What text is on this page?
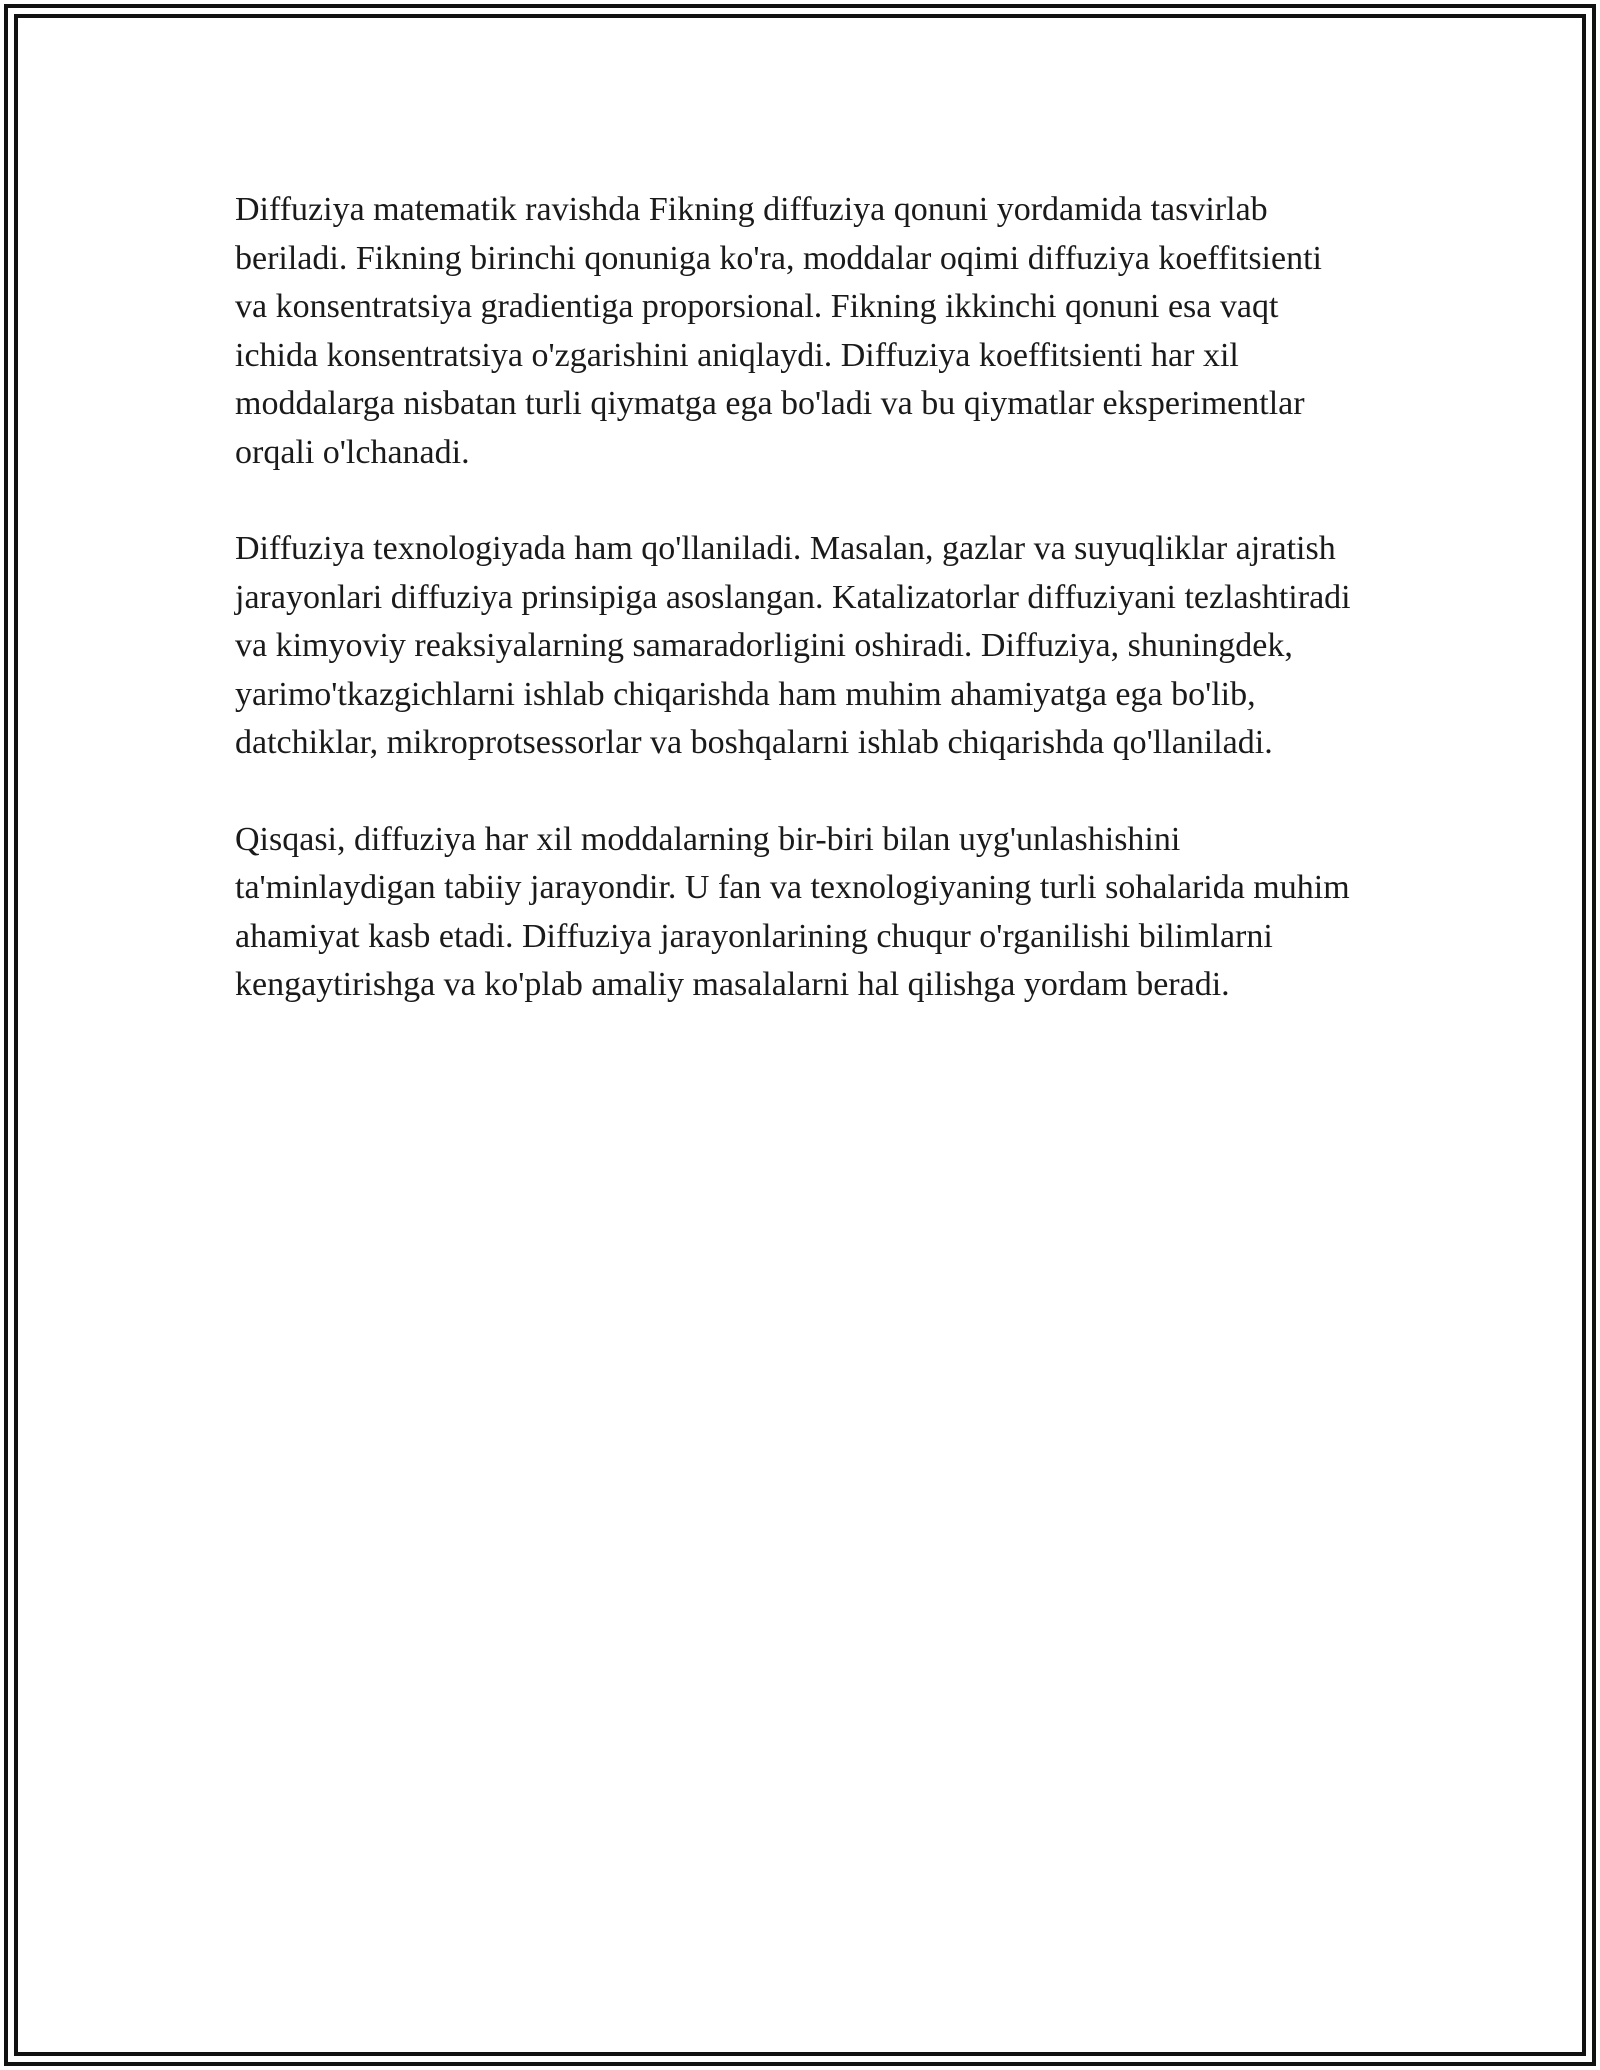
Diffuziya matematik ravishda Fikning diffuziya qonuni yordamida tasvirlab beriladi. Fikning birinchi qonuniga ko'ra, moddalar oqimi diffuziya koeffitsienti va konsentratsiya gradientiga proporsional. Fikning ikkinchi qonuni esa vaqt ichida konsentratsiya o'zgarishini aniqlaydi. Diffuziya koeffitsienti har xil moddalarga nisbatan turli qiymatga ega bo'ladi va bu qiymatlar eksperimentlar orqali o'lchanadi.

Diffuziya texnologiyada ham qo'llaniladi. Masalan, gazlar va suyuqliklar ajratish jarayonlari diffuziya prinsipiga asoslangan. Katalizatorlar diffuziyani tezlashtiradi va kimyoviy reaksiyalarning samaradorligini oshiradi. Diffuziya, shuningdek, yarimo'tkazgichlarni ishlab chiqarishda ham muhim ahamiyatga ega bo'lib, datchiklar, mikroprotsessorlar va boshqalarni ishlab chiqarishda qo'llaniladi.

Qisqasi, diffuziya har xil moddalarning bir-biri bilan uyg'unlashishini ta'minlaydigan tabiiy jarayondir. U fan va texnologiyaning turli sohalarida muhim ahamiyat kasb etadi. Diffuziya jarayonlarining chuqur o'rganilishi bilimlarni kengaytirishga va ko'plab amaliy masalalarni hal qilishga yordam beradi.
